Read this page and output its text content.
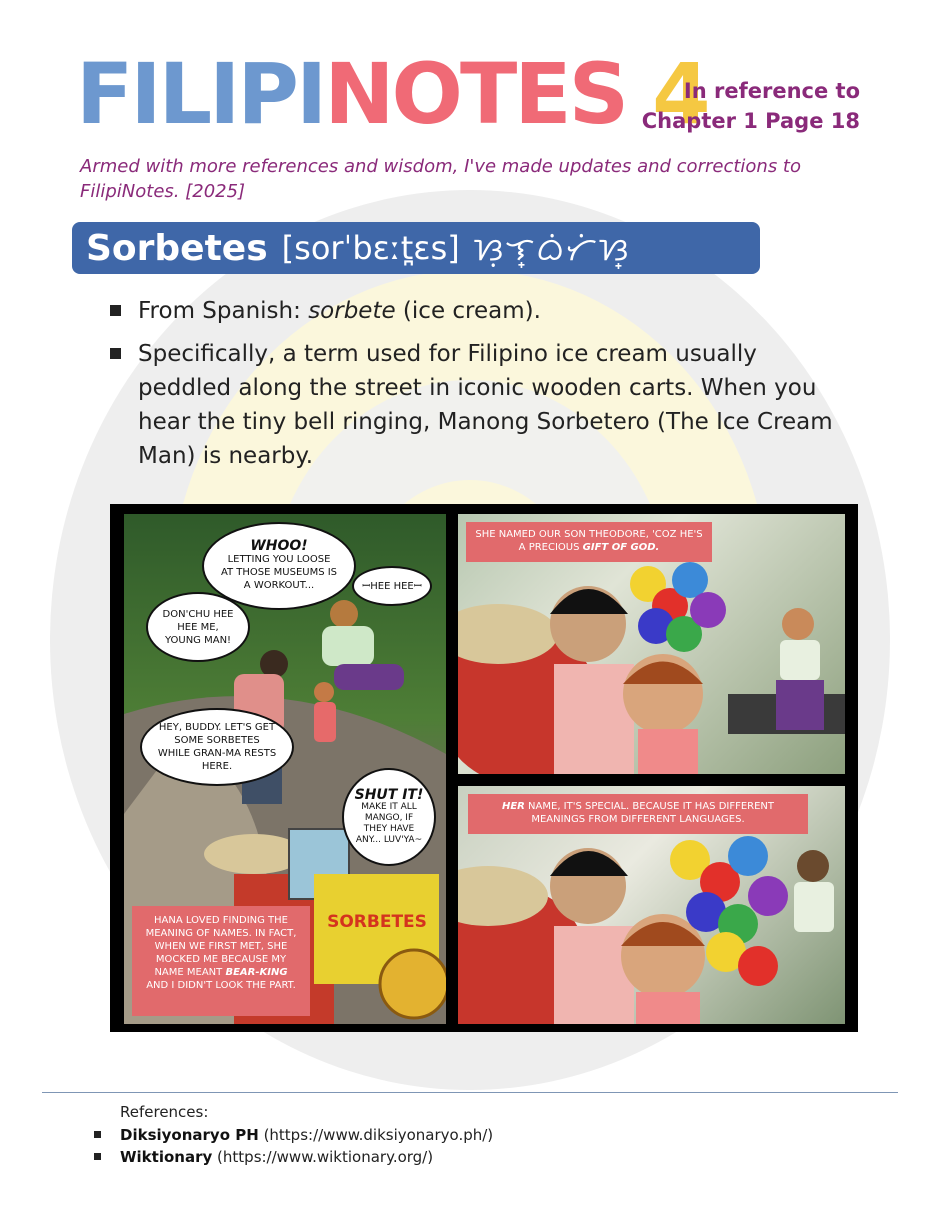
FILIPINOTES 4
In reference to
Chapter 1 Page 18
Armed with more references and wisdom, I've made updates and corrections to FilipiNotes. [2025]
Sorbetes [sorˈbɛːt̪ɛs] ᜐᜓᜎ᜔ᜊᜒᜆᜒᜐ᜔
From Spanish: sorbete (ice cream).
Specifically, a term used for Filipino ice cream usually peddled along the street in iconic wooden carts. When you hear the tiny bell ringing, Manong Sorbetero (The Ice Cream Man) is nearby.
WHOO!
LETTING YOU LOOSE AT THOSE MUSEUMS IS A WORKOUT...	ꟷHEE HEEꟷ
DON'CHU HEE HEE ME, YOUNG MAN!
HEY, BUDDY. LET'S GET SOME SORBETES WHILE GRAN-MA RESTS HERE.
SHUT IT!
MAKE IT ALL MANGO, IF THEY HAVE ANY... LUV'YA~
SORBETES
HANA LOVED FINDING THE MEANING OF NAMES. IN FACT, WHEN WE FIRST MET, SHE MOCKED ME BECAUSE MY NAME MEANT BEAR-KING AND I DIDN'T LOOK THE PART.
SHE NAMED OUR SON THEODORE, 'COZ HE'S A PRECIOUS GIFT OF GOD.
HER NAME, IT'S SPECIAL. BECAUSE IT HAS DIFFERENT MEANINGS FROM DIFFERENT LANGUAGES.
References:
Diksiyonaryo PH (https://www.diksiyonaryo.ph/)
Wiktionary (https://www.wiktionary.org/)
